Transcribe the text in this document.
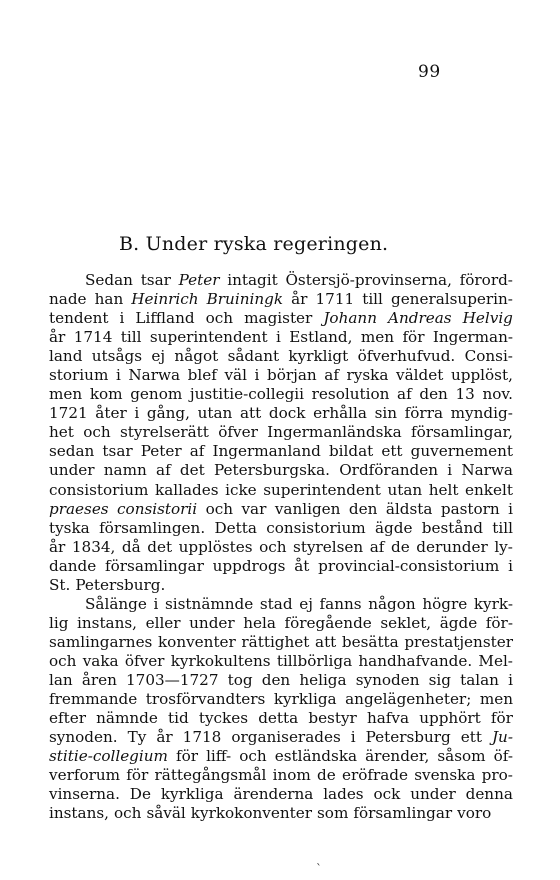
99
B. Under ryska regeringen.
Sedan tsar Peter intagit Östersjö-provinserna, förord-
nade han Heinrich Bruiningk år 1711 till generalsuperin-
tendent i Liffland och magister Johann Andreas Helvig
år 1714 till superintendent i Estland, men för Ingerman-
land utsågs ej något sådant kyrkligt öfverhufvud. Consi-
storium i Narwa blef väl i början af ryska väldet upplöst,
men kom genom justitie-collegii resolution af den 13 nov.
1721 åter i gång, utan att dock erhålla sin förra myndig-
het och styrelserätt öfver Ingermanländska församlingar,
sedan tsar Peter af Ingermanland bildat ett guvernement
under namn af det Petersburgska. Ordföranden i Narwa
consistorium kallades icke superintendent utan helt enkelt
praeses consistorii och var vanligen den äldsta pastorn i
tyska församlingen. Detta consistorium ägde bestånd till
år 1834, då det upplöstes och styrelsen af de derunder ly-
dande församlingar uppdrogs åt provincial-consistorium i
St. Petersburg.
Sålänge i sistnämnde stad ej fanns någon högre kyrk-
lig instans, eller under hela föregående seklet, ägde för-
samlingarnes konventer rättighet att besätta prestatjenster
och vaka öfver kyrkokultens tillbörliga handhafvande. Mel-
lan åren 1703—1727 tog den heliga synoden sig talan i
fremmande trosförvandters kyrkliga angelägenheter; men
efter nämnde tid tyckes detta bestyr hafva upphört för
synoden. Ty år 1718 organiserades i Petersburg ett Ju-
stitie-collegium för liff- och estländska ärender, såsom öf-
verforum för rättegångsmål inom de eröfrade svenska pro-
vinserna. De kyrkliga ärenderna lades ock under denna
instans, och såväl kyrkokonventer som församlingar voro
`
